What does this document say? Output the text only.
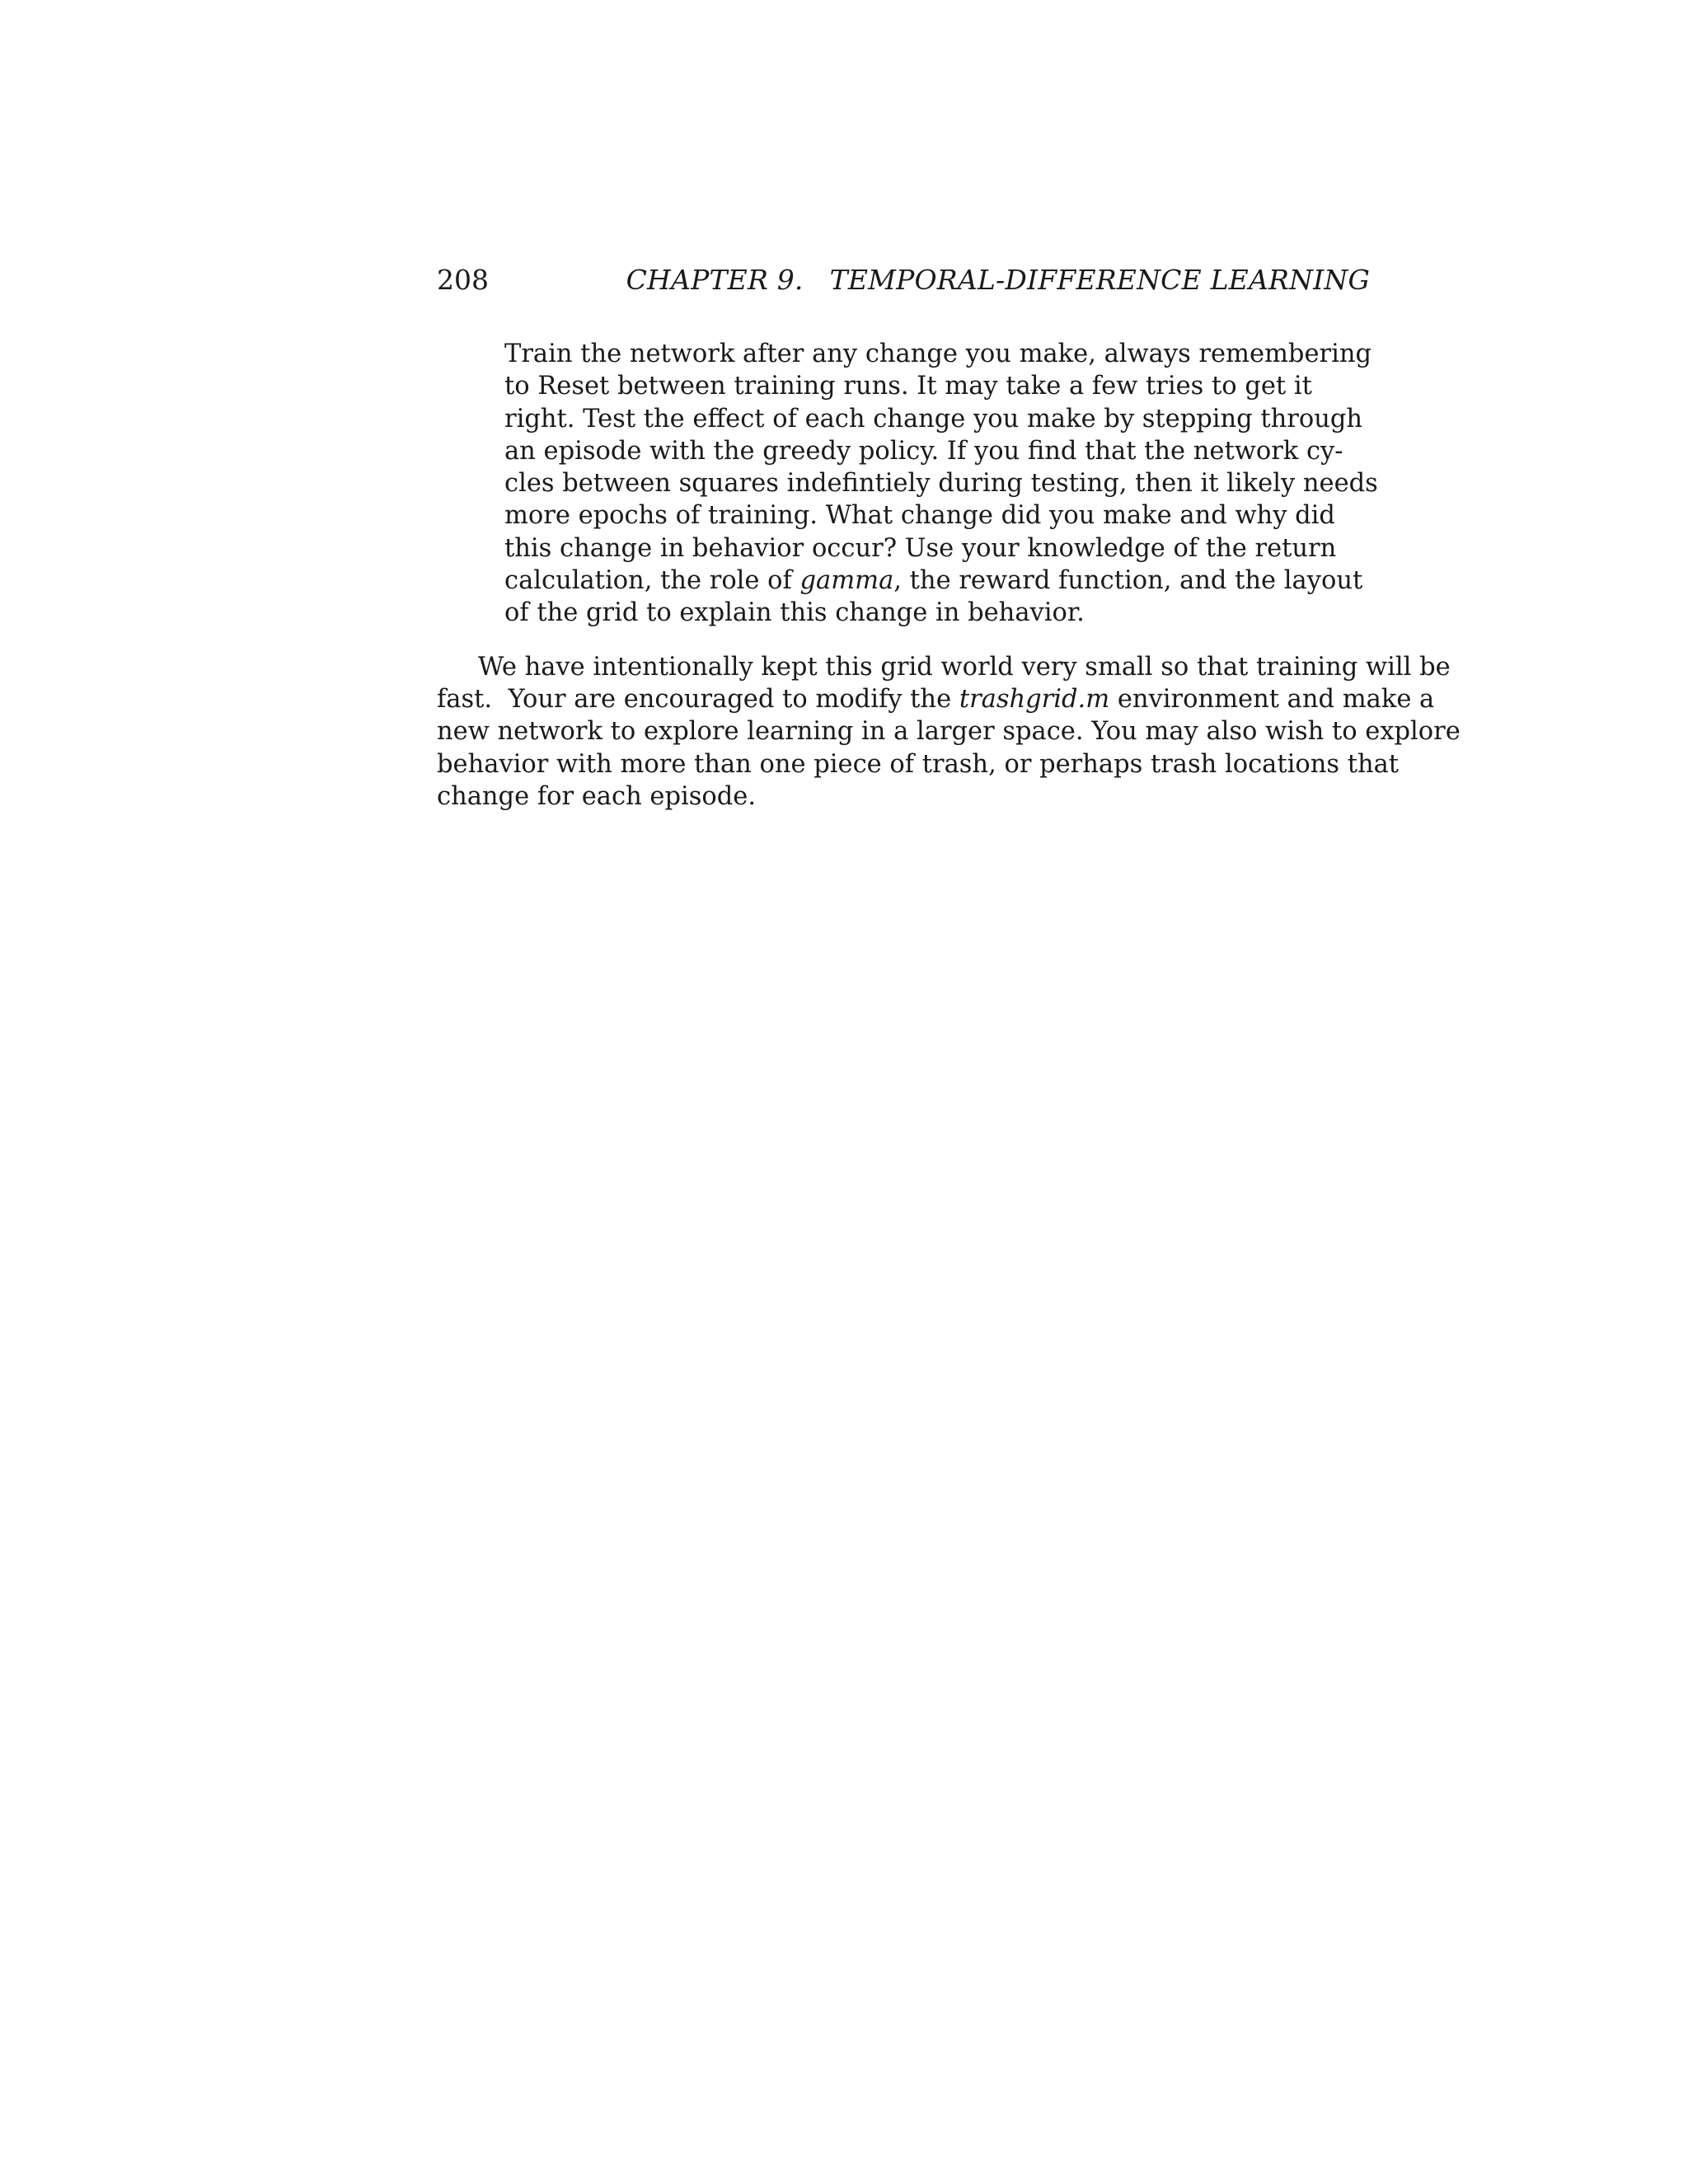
208	CHAPTER 9.   TEMPORAL-DIFFERENCE LEARNING
Train the network after any change you make, always remembering
to Reset between training runs. It may take a few tries to get it
right. Test the effect of each change you make by stepping through
an episode with the greedy policy. If you find that the network cy-
cles between squares indefintiely during testing, then it likely needs
more epochs of training. What change did you make and why did
this change in behavior occur? Use your knowledge of the return
calculation, the role of gamma, the reward function, and the layout
of the grid to explain this change in behavior.
We have intentionally kept this grid world very small so that training will be
fast.  Your are encouraged to modify the trashgrid.m environment and make a
new network to explore learning in a larger space. You may also wish to explore
behavior with more than one piece of trash, or perhaps trash locations that
change for each episode.
